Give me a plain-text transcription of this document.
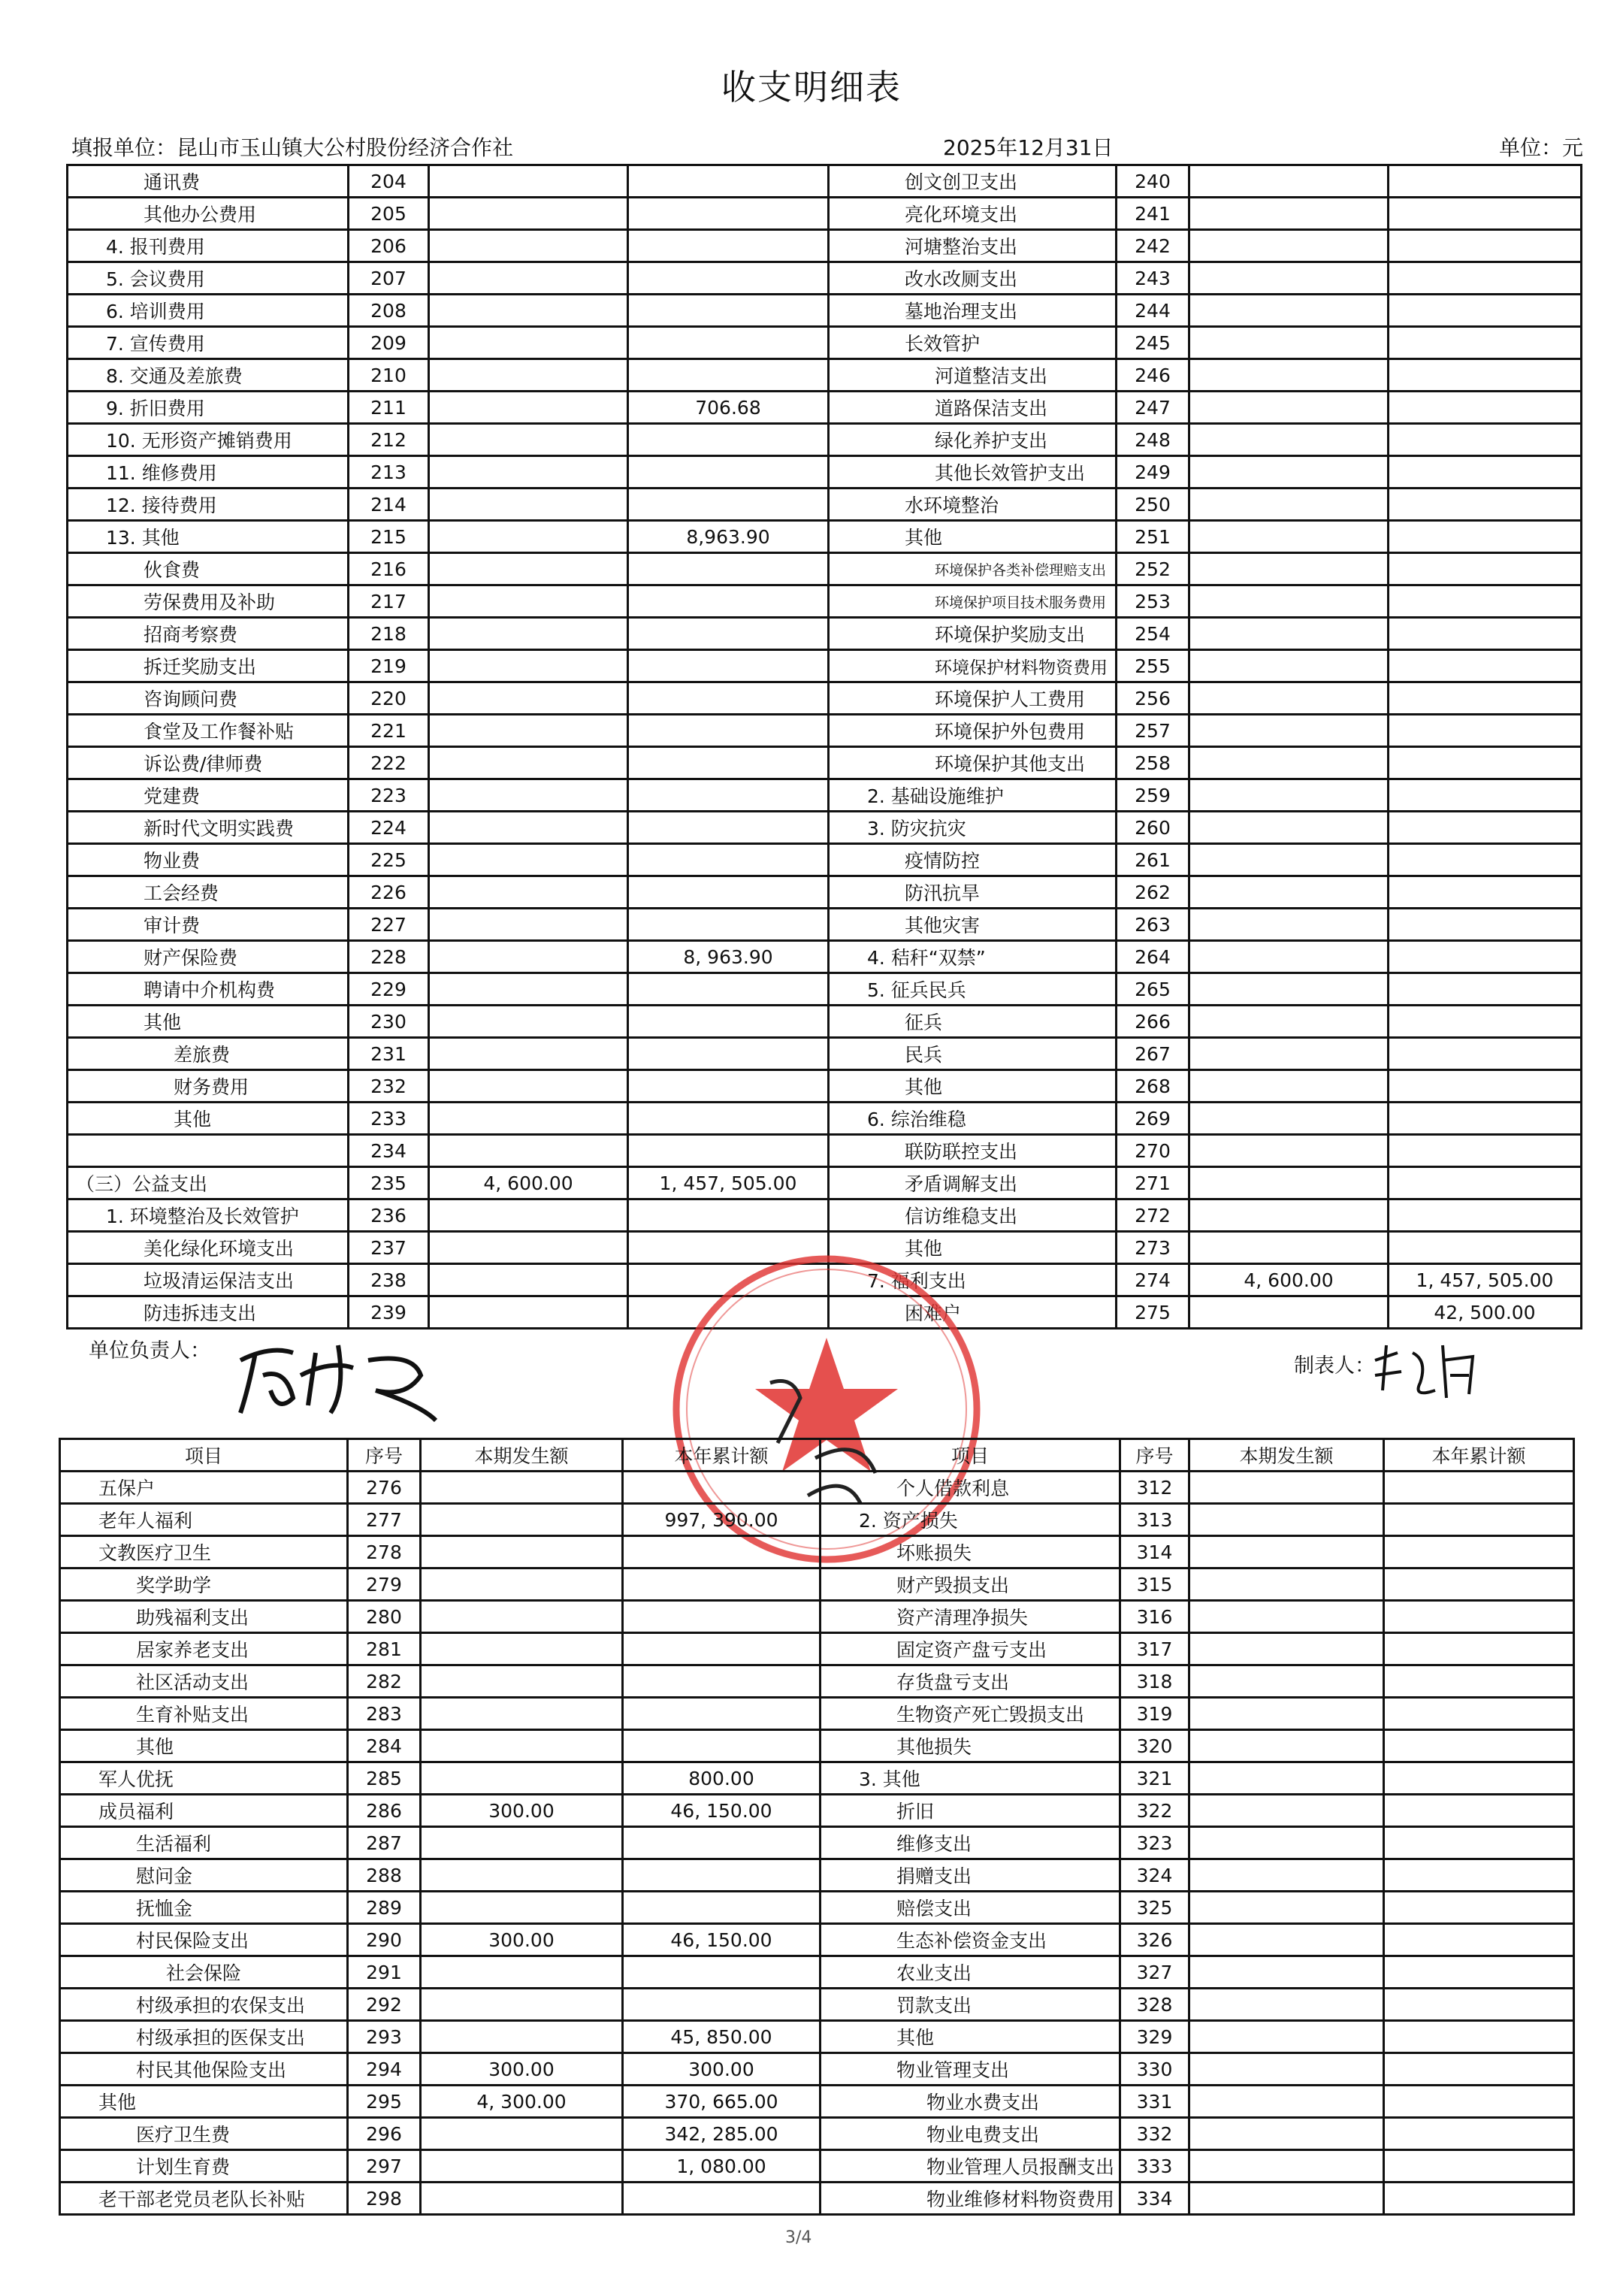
收支明细表
填报单位：昆山市玉山镇大公村股份经济合作社	2025年12月31日	单位：元
通讯费	204			创文创卫支出	240		
其他办公费用	205			亮化环境支出	241		
4. 报刊费用	206			河塘整治支出	242		
5. 会议费用	207			改水改厕支出	243		
6. 培训费用	208			墓地治理支出	244		
7. 宣传费用	209			长效管护	245		
8. 交通及差旅费	210			河道整洁支出	246		
9. 折旧费用	211		706.68	道路保洁支出	247		
10. 无形资产摊销费用	212			绿化养护支出	248		
11. 维修费用	213			其他长效管护支出	249		
12. 接待费用	214			水环境整治	250		
13. 其他	215		8,963.90	其他	251		
伙食费	216			环境保护各类补偿理赔支出	252		
劳保费用及补助	217			环境保护项目技术服务费用	253		
招商考察费	218			环境保护奖励支出	254		
拆迁奖励支出	219			环境保护材料物资费用	255		
咨询顾问费	220			环境保护人工费用	256		
食堂及工作餐补贴	221			环境保护外包费用	257		
诉讼费/律师费	222			环境保护其他支出	258		
党建费	223			2. 基础设施维护	259		
新时代文明实践费	224			3. 防灾抗灾	260		
物业费	225			疫情防控	261		
工会经费	226			防汛抗旱	262		
审计费	227			其他灾害	263		
财产保险费	228		8, 963.90	4. 秸秆“双禁”	264		
聘请中介机构费	229			5. 征兵民兵	265		
其他	230			征兵	266		
差旅费	231			民兵	267		
财务费用	232			其他	268		
其他	233			6. 综治维稳	269		
	234			联防联控支出	270		
（三）公益支出	235	4, 600.00	1, 457, 505.00	矛盾调解支出	271		
1. 环境整治及长效管护	236			信访维稳支出	272		
美化绿化环境支出	237			其他	273		
垃圾清运保洁支出	238			7. 福利支出	274	4, 600.00	1, 457, 505.00
防违拆违支出	239			困难户	275		42, 500.00
单位负责人：
制表人：
项目	序号	本期发生额	本年累计额	项目	序号	本期发生额	本年累计额
五保户	276			个人借款利息	312		
老年人福利	277		997, 390.00	2. 资产损失	313		
文教医疗卫生	278			坏账损失	314		
奖学助学	279			财产毁损支出	315		
助残福利支出	280			资产清理净损失	316		
居家养老支出	281			固定资产盘亏支出	317		
社区活动支出	282			存货盘亏支出	318		
生育补贴支出	283			生物资产死亡毁损支出	319		
其他	284			其他损失	320		
军人优抚	285		800.00	3. 其他	321		
成员福利	286	300.00	46, 150.00	折旧	322		
生活福利	287			维修支出	323		
慰问金	288			捐赠支出	324		
抚恤金	289			赔偿支出	325		
村民保险支出	290	300.00	46, 150.00	生态补偿资金支出	326		
社会保险	291			农业支出	327		
村级承担的农保支出	292			罚款支出	328		
村级承担的医保支出	293		45, 850.00	其他	329		
村民其他保险支出	294	300.00	300.00	物业管理支出	330		
其他	295	4, 300.00	370, 665.00	物业水费支出	331		
医疗卫生费	296		342, 285.00	物业电费支出	332		
计划生育费	297		1, 080.00	物业管理人员报酬支出	333		
老干部老党员老队长补贴	298			物业维修材料物资费用	334		
3/4
